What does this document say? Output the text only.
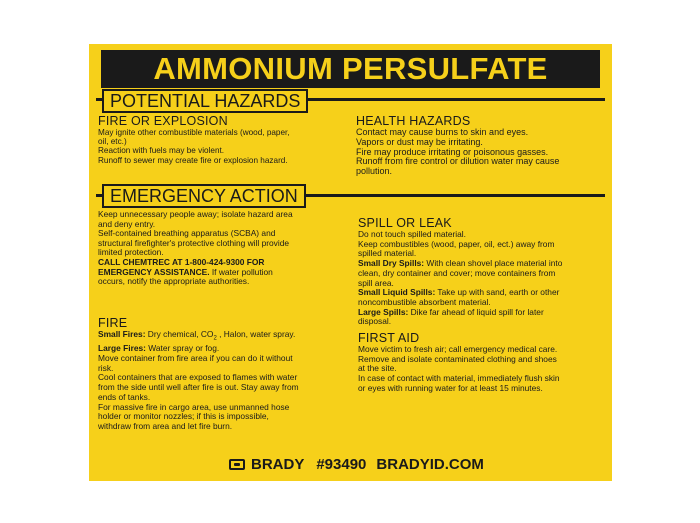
AMMONIUM PERSULFATE
POTENTIAL HAZARDS
FIRE OR EXPLOSION

May ignite other combustible materials (wood, paper,

oil, etc.)

Reaction with fuels may be violent.

Runoff to sewer may create fire or explosion hazard.

HEALTH HAZARDS

Contact may cause burns to skin and eyes.

Vapors or dust may be irritating.

Fire may produce irritating or poisonous gasses.

Runoff from fire control or dilution water may cause

pollution.

EMERGENCY ACTION

Keep unnecessary people away; isolate hazard area

and deny entry.

Self-contained breathing apparatus (SCBA) and

structural firefighter's protective clothing will provide

limited protection.

CALL CHEMTREC AT 1-800-424-9300 FOR

EMERGENCY ASSISTANCE. If water pollution

occurs, notify the appropriate authorities.

FIRE

Small Fires: Dry chemical, $CO_2$ , Halon, water spray.

Large Fires: Water spray or fog.

Move container from fire area if you can do it without

risk.

Cool containers that are exposed to flames with water

from the side until well after fire is out. Stay away from

ends of tanks.

For massive fire in cargo area, use unmanned hose

holder or monitor nozzles; if this is impossible,

withdraw from area and let fire burn.

SPILL OR LEAK

Do not touch spilled material.

Keep combustibles (wood, paper, oil, ect.) away from

spilled material.

Small Dry Spills: With clean shovel place material into

clean, dry container and cover; move containers from

spill area.

Small Liquid Spills: Take up with sand, earth or other

noncombustible absorbent material.

Large Spills: Dike far ahead of liquid spill for later

disposal.

FIRST AID

Move victim to fresh air; call emergency medical care.

Remove and isolate contaminated clothing and shoes

at the site.

In case of contact with material, immediately flush skin

or eyes with running water for at least 15 minutes.

BRADY #93490 BRADYID.COM
